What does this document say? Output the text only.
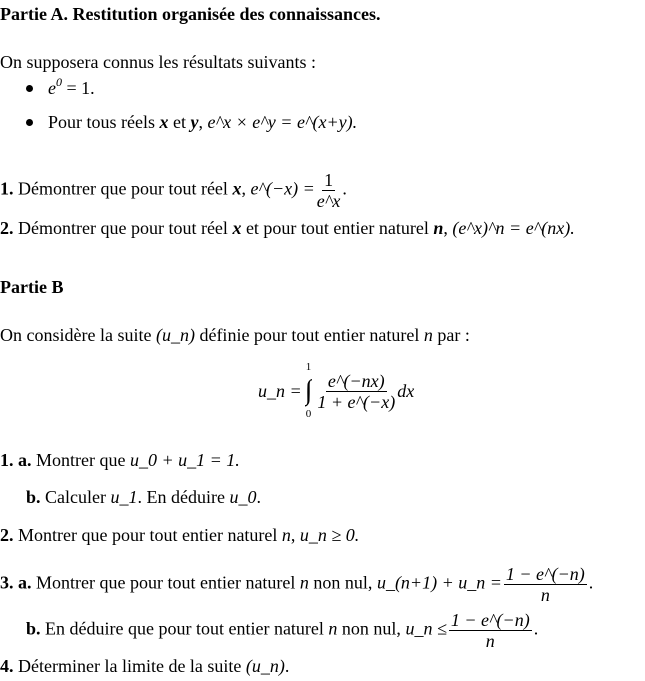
Partie A. Restitution organisée des connaissances.
On supposera connus les résultats suivants :
$e^0 = 1$.
Pour tous réels x et y, e^x × e^y = e^(x+y).
1. Démontrer que pour tout réel x, e^(−x) = $\frac{1}{e\^{}x}$ .
2. Démontrer que pour tout réel x et pour tout entier naturel n, (e^x)^n = e^(nx).
Partie B
On considère la suite (u_n) définie pour tout entier naturel n par :
u_n =
1
∫
0
$\frac{e\^{}(-nx)}{1 + e\^{}(-x)}$ dx
1. a. Montrer que u_0 + u_1 = 1.
b. Calculer u_1. En déduire u_0.
2. Montrer que pour tout entier naturel n, u_n ≥ 0.
3. a. Montrer que pour tout entier naturel n non nul, u_(n+1) + u_n = $\frac{1 - e\^{}(-n)}{n}$ .
b. En déduire que pour tout entier naturel n non nul, u_n ≤ $\frac{1 - e\^{}(-n)}{n}$ .
4. Déterminer la limite de la suite (u_n).
